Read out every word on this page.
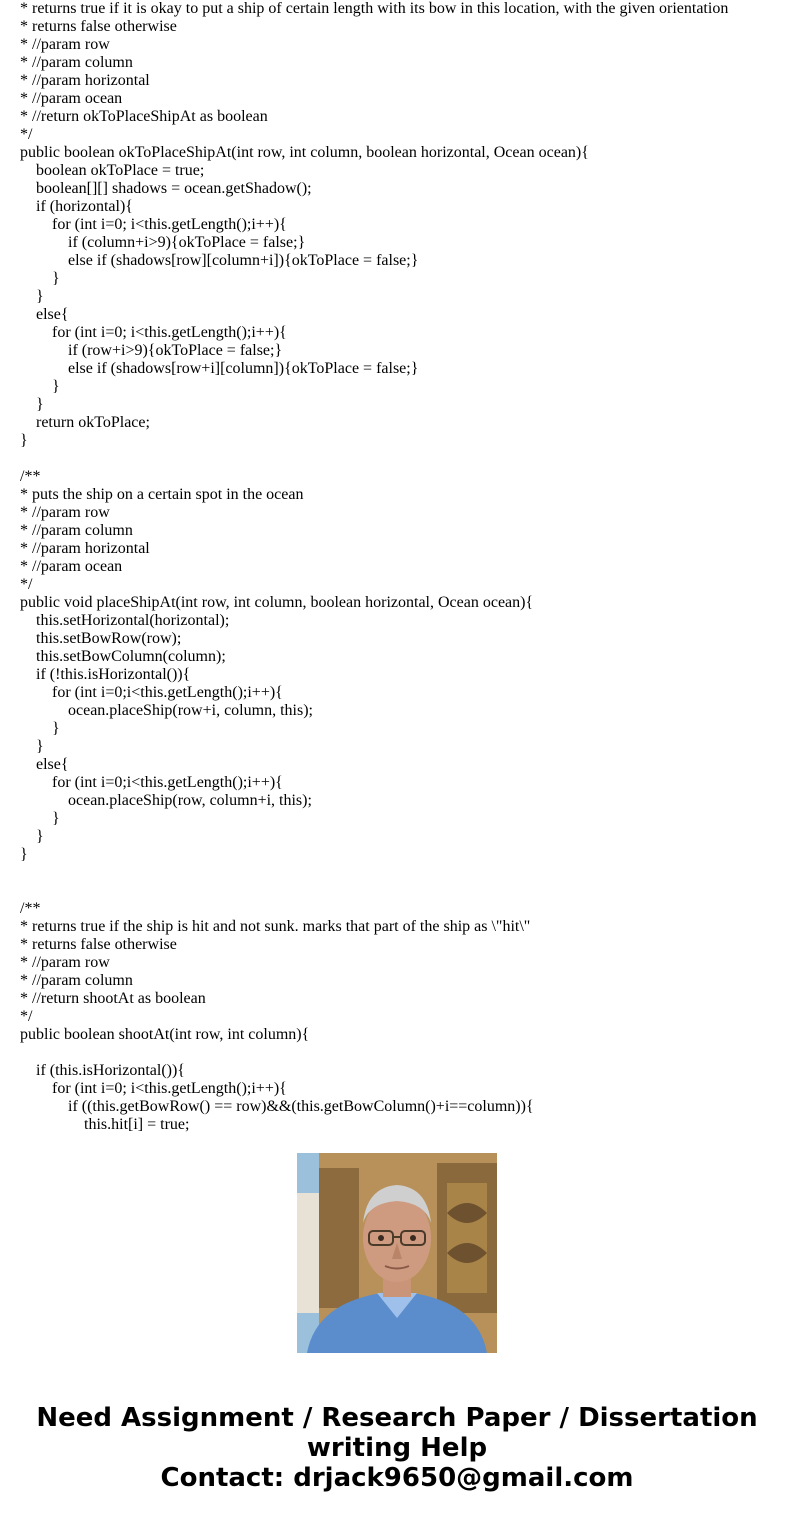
* returns true if it is okay to put a ship of certain length with its bow in this location, with the given orientation
* returns false otherwise
* //param row
* //param column
* //param horizontal
* //param ocean
* //return okToPlaceShipAt as boolean
*/
public boolean okToPlaceShipAt(int row, int column, boolean horizontal, Ocean ocean){
boolean okToPlace = true;
boolean[][] shadows = ocean.getShadow();
if (horizontal){
for (int i=0; i<this.getLength();i++){
if (column+i>9){okToPlace = false;}
else if (shadows[row][column+i]){okToPlace = false;}
}
}
else{
for (int i=0; i<this.getLength();i++){
if (row+i>9){okToPlace = false;}
else if (shadows[row+i][column]){okToPlace = false;}
}
}
return okToPlace;
}
/**
* puts the ship on a certain spot in the ocean
* //param row
* //param column
* //param horizontal
* //param ocean
*/
public void placeShipAt(int row, int column, boolean horizontal, Ocean ocean){
this.setHorizontal(horizontal);
this.setBowRow(row);
this.setBowColumn(column);
if (!this.isHorizontal()){
for (int i=0;i<this.getLength();i++){
ocean.placeShip(row+i, column, this);
}
}
else{
for (int i=0;i<this.getLength();i++){
ocean.placeShip(row, column+i, this);
}
}
}
/**
* returns true if the ship is hit and not sunk. marks that part of the ship as \"hit\"
* returns false otherwise
* //param row
* //param column
* //return shootAt as boolean
*/
public boolean shootAt(int row, int column){
if (this.isHorizontal()){
for (int i=0; i<this.getLength();i++){
if ((this.getBowRow() == row)&&(this.getBowColumn()+i==column)){
this.hit[i] = true;
Need Assignment / Research Paper / Dissertation
writing Help
Contact: drjack9650@gmail.com
